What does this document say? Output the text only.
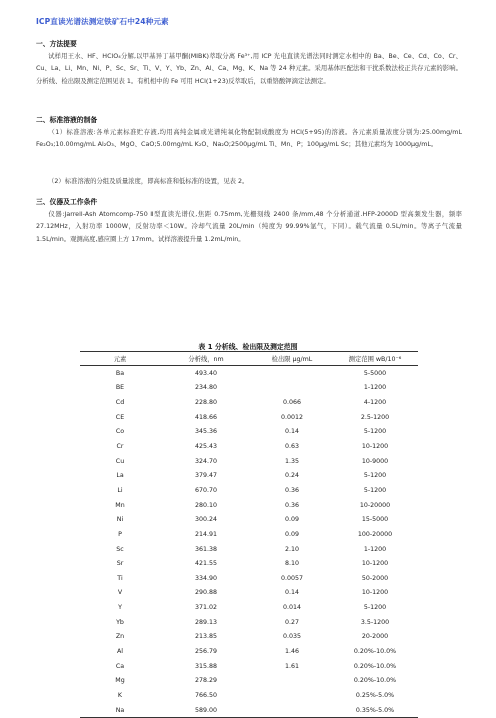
ICP直读光谱法测定铁矿石中24种元素
一、方法提要
试样用王水、HF、HClO₄分解,以甲基异丁基甲酮(MIBK)萃取分离 Fe³⁺,用 ICP 光电直读光谱法同时测定水相中的 Ba、Be、Ce、Cd、Co、Cr、Cu、La、Li、Mn、Ni、P、Sc、Sr、Ti、V、Y、Yb、Zn、Al、Ca、Mg、K、Na 等 24 种元素。采用基体匹配法和干扰系数法校正共存元素的影响。分析线、检出限及测定范围见表 1。有机相中的 Fe 可用 HCl(1+23)反萃取后，以重铬酸钾滴定法测定。
二、标准溶液的制备
（1）标准溶液:各单元素标准贮存液,均用高纯金属或光谱纯氧化物配制成酸度为 HCl(5+95)的溶液。各元素质量浓度分别为:25.00mg/mL Fe₂O₃;10.00mg/mL Al₂O₃、MgO、CaO;5.00mg/mL K₂O、Na₂O;2500μg/mL Ti、Mn、P；100μg/mL Sc；其他元素均为 1000μg/mL。
（2）标准溶液的分组及质量浓度，即高标准和低标准的设置，见表 2。
三、仪器及工作条件
仪器:Jarrell-Ash Atomcomp-750 Ⅱ型直读光谱仪,焦距 0.75mm,光栅刻线 2400 条/mm,48 个分析通道.HFP-2000D 型高频发生器，频率 27.12MHz，入射功率 1000W，反射功率＜10W。冷却气流量 20L/min（纯度为 99.99%氩气，下同）。载气流量 0.5L/min。等离子气流量 1.5L/min。观测高度,感应圈上方 17mm。试样溶液提升量 1.2mL/min。
表 1 分析线、检出限及测定范围
元素	分析线，nm	检出限 μg/mL	测定范围 wB/10⁻⁶
Ba	493.40		5-5000
BE	234.80		1-1200
Cd	228.80	0.066	4-1200
CE	418.66	0.0012	2.5-1200
Co	345.36	0.14	5-1200
Cr	425.43	0.63	10-1200
Cu	324.70	1.35	10-9000
La	379.47	0.24	5-1200
Li	670.70	0.36	5-1200
Mn	280.10	0.36	10-20000
Ni	300.24	0.09	15-5000
P	214.91	0.09	100-20000
Sc	361.38	2.10	1-1200
Sr	421.55	8.10	10-1200
Ti	334.90	0.0057	50-2000
V	290.88	0.14	10-1200
Y	371.02	0.014	5-1200
Yb	289.13	0.27	3.5-1200
Zn	213.85	0.035	20-2000
Al	256.79	1.46	0.20%-10.0%
Ca	315.88	1.61	0.20%-10.0%
Mg	278.29		0.20%-10.0%
K	766.50		0.25%-5.0%
Na	589.00		0.35%-5.0%
